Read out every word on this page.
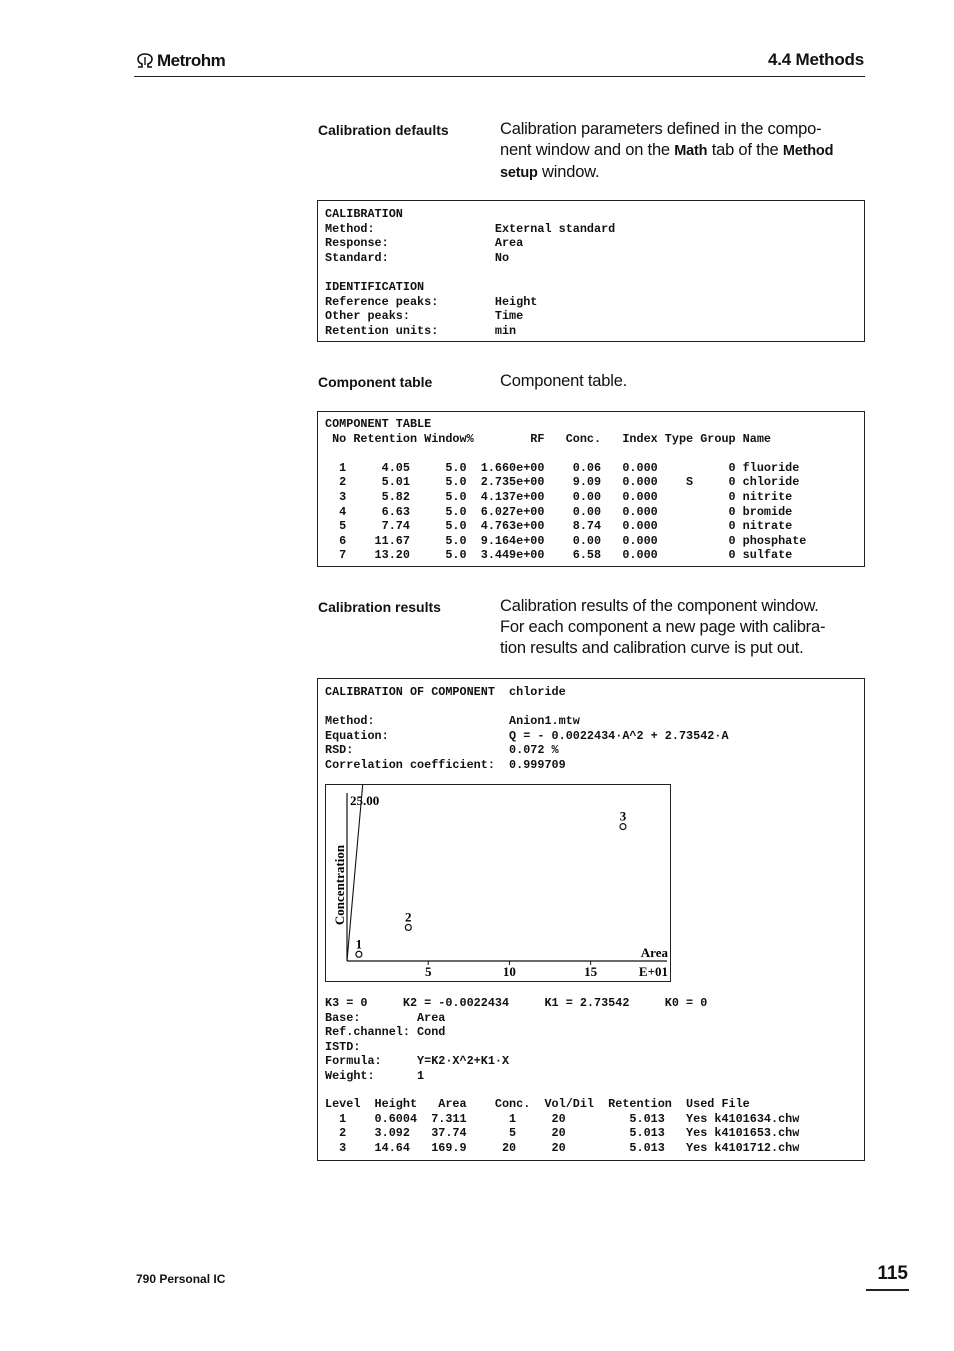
Metrohm	4.4 Methods
Calibration defaults	Calibration parameters defined in the compo-
nent window and on the Math tab of the Method
setup window.
CALIBRATION
Method:                 External standard
Response:               Area
Standard:               No

IDENTIFICATION
Reference peaks:        Height
Other peaks:            Time
Retention units:        min
Component table	Component table.
COMPONENT TABLE
No Retention Window%        RF   Conc.   Index Type Group Name
1     4.05     5.0  1.660e+00    0.06   0.000          0 fluoride
2     5.01     5.0  2.735e+00    9.09   0.000    S     0 chloride
3     5.82     5.0  4.137e+00    0.00   0.000          0 nitrite
4     6.63     5.0  6.027e+00    0.00   0.000          0 bromide
5     7.74     5.0  4.763e+00    8.74   0.000          0 nitrate
6    11.67     5.0  9.164e+00    0.00   0.000          0 phosphate
7    13.20     5.0  3.449e+00    6.58   0.000          0 sulfate
Calibration results	Calibration results of the component window.
For each component a new page with calibra-
tion results and calibration curve is put out.
CALIBRATION OF COMPONENT  chloride

Method:                   Anion1.mtw
Equation:                 Q = - 0.0022434·A^2 + 2.73542·A
RSD:                      0.072 %
Correlation coefficient:  0.999709
Concentration
25.00
Area
E+01
5	10	15
1
2
3
K3 = 0     K2 = -0.0022434     K1 = 2.73542     K0 = 0
Base:        Area
Ref.channel: Cond
ISTD:
Formula:     Y=K2·X^2+K1·X
Weight:      1
Level  Height   Area    Conc.  Vol/Dil  Retention  Used File
1    0.6004  7.311      1     20         5.013   Yes k4101634.chw
2    3.092   37.74      5     20         5.013   Yes k4101653.chw
3    14.64   169.9     20     20         5.013   Yes k4101712.chw
790 Personal IC	115
